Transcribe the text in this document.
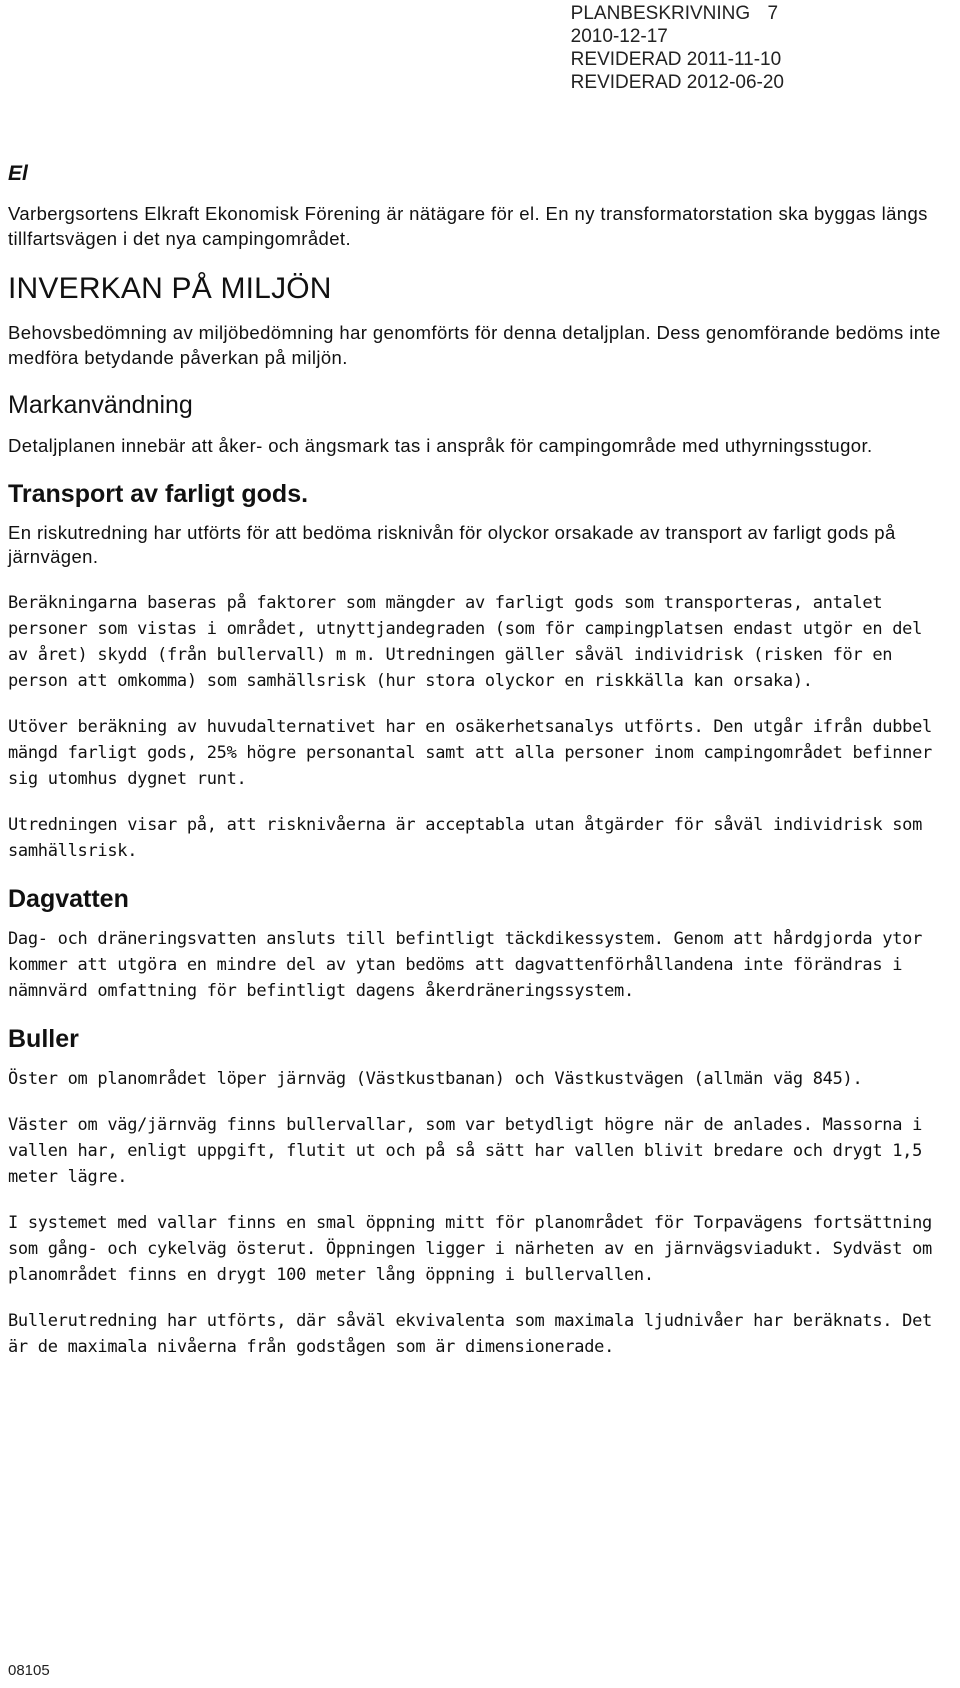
PLANBESKRIVNING 7
2010-12-17
REVIDERAD 2011-11-10
REVIDERAD 2012-06-20
El

Varbergsortens Elkraft Ekonomisk Förening är nätägare för el. En ny transformatorstation ska byggas längs tillfartsvägen i det nya campingområdet.

INVERKAN PÅ MILJÖN

Behovsbedömning av miljöbedömning har genomförts för denna detaljplan. Dess genomförande bedöms inte medföra betydande påverkan på miljön.

Markanvändning

Detaljplanen innebär att åker- och ängsmark tas i anspråk för campingområde med uthyrningsstugor.

Transport av farligt gods.

En riskutredning har utförts för att bedöma risknivån för olyckor orsakade av transport av farligt gods på järnvägen.

Beräkningarna baseras på faktorer som mängder av farligt gods som transporteras, antalet personer som vistas i området, utnyttjandegraden (som för campingplatsen endast utgör en del av året) skydd (från bullervall) m m. Utredningen gäller såväl individrisk (risken för en person att omkomma) som samhällsrisk (hur stora olyckor en riskkälla kan orsaka).

Utöver beräkning av huvudalternativet har en osäkerhetsanalys utförts. Den utgår ifrån dubbel mängd farligt gods, 25% högre personantal samt att alla personer inom campingområdet befinner sig utomhus dygnet runt.

Utredningen visar på, att risknivåerna är acceptabla utan åtgärder för såväl individrisk som samhällsrisk.

Dagvatten

Dag- och dräneringsvatten ansluts till befintligt täckdikessystem. Genom att hårdgjorda ytor kommer att utgöra en mindre del av ytan bedöms att dagvattenförhållandena inte förändras i nämnvärd omfattning för befintligt dagens åkerdräneringssystem.

Buller

Öster om planområdet löper järnväg (Västkustbanan) och Västkustvägen (allmän väg 845).

Väster om väg/järnväg finns bullervallar, som var betydligt högre när de anlades. Massorna i vallen har, enligt uppgift, flutit ut och på så sätt har vallen blivit bredare och drygt 1,5 meter lägre.

I systemet med vallar finns en smal öppning mitt för planområdet för Torpavägens fortsättning som gång- och cykelväg österut. Öppningen ligger i närheten av en järnvägsviadukt. Sydväst om planområdet finns en drygt 100 meter lång öppning i bullervallen.

Bullerutredning har utförts, där såväl ekvivalenta som maximala ljudnivåer har beräknats. Det är de maximala nivåerna från godstågen som är dimensionerade.

08105
